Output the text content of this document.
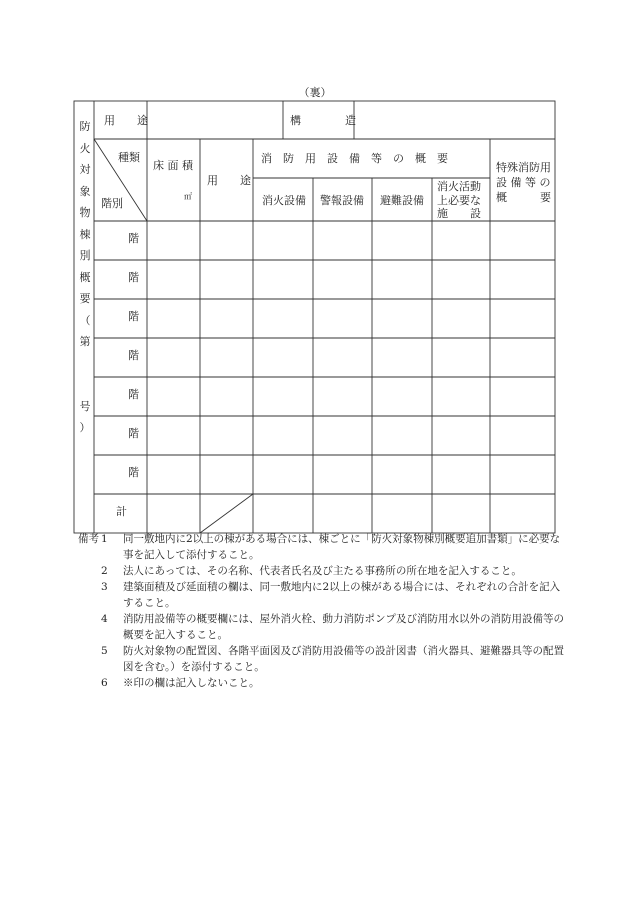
（裏）
防
火
対
象
物
棟
別
概
要
（
第
号
）
用　　途	構　　　　造
種類
階別
床 面 積
㎡
用　　途
消　防　用　設　備　等　の　概　要
消火設備 警報設備 避難設備
消火活動
上必要な
施　　設
特殊消防用
設 備 等 の
概　　　要
階
階
階
階
階
階
階
計
備考 1	同一敷地内に2以上の棟がある場合には、棟ごとに「防火対象物棟別概要追加書類」に必要な事を記入して添付すること。
2	法人にあっては、その名称、代表者氏名及び主たる事務所の所在地を記入すること。
3	建築面積及び延面積の欄は、同一敷地内に2以上の棟がある場合には、それぞれの合計を記入すること。
4	消防用設備等の概要欄には、屋外消火栓、動力消防ポンプ及び消防用水以外の消防用設備等の概要を記入すること。
5	防火対象物の配置図、各階平面図及び消防用設備等の設計図書（消火器具、避難器具等の配置図を含む。）を添付すること。
6	※印の欄は記入しないこと。
